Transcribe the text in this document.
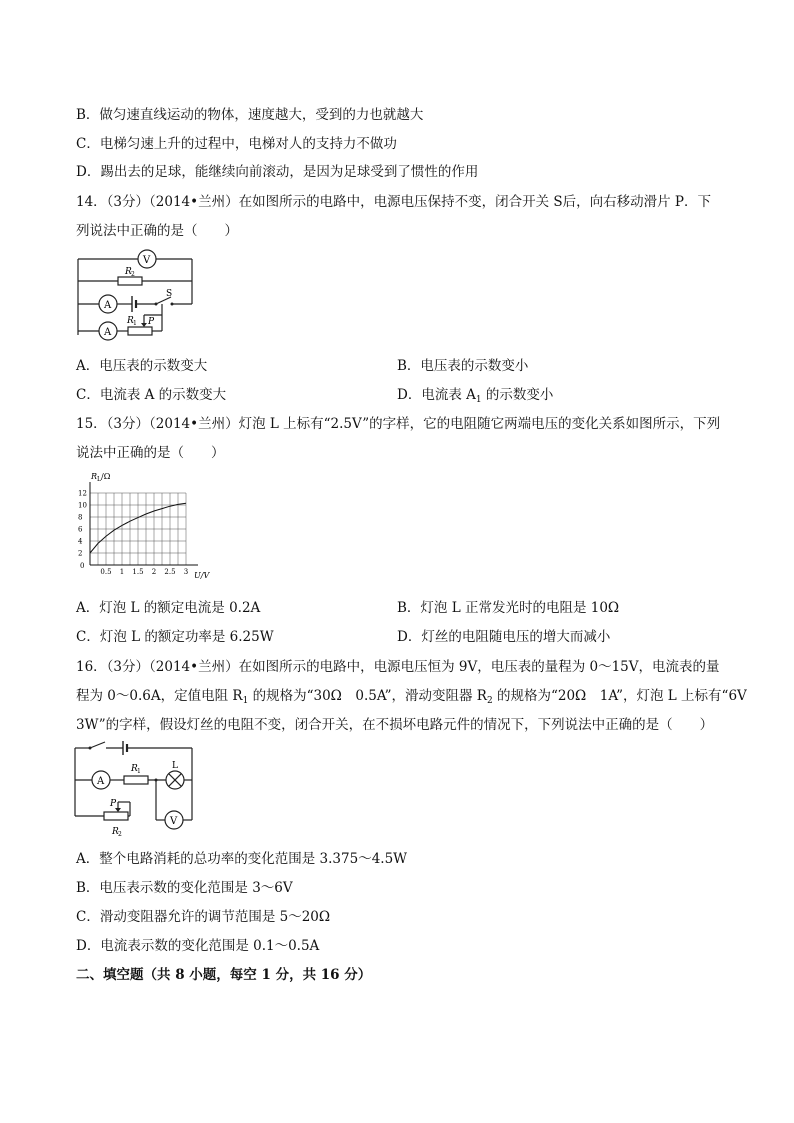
B．做匀速直线运动的物体，速度越大，受到的力也就越大
C．电梯匀速上升的过程中，电梯对人的支持力不做功
D．踢出去的足球，能继续向前滚动，是因为足球受到了惯性的作用
14．（3分）（2014•兰州）在如图所示的电路中，电源电压保持不变，闭合开关 S后，向右移动滑片 P．下
列说法中正确的是（　　）
V
A
A
R 2
R 1 P
S
A．电压表的示数变大	B．电压表的示数变小
C．电流表 A 的示数变大	D．电流表 $A_1$ 的示数变小
15．（3分）（2014•兰州）灯泡 L 上标有“2.5V”的字样，它的电阻随它两端电压的变化关系如图所示，下列
说法中正确的是（　　）
R L /Ω
U/V
2
4
6
8
10
12
0
0.5 1 1.5 2 2.5 3
A．灯泡 L 的额定电流是 0.2A	B．灯泡 L 正常发光时的电阻是 10Ω
C．灯泡 L 的额定功率是 6.25W	D．灯丝的电阻随电压的增大而减小
16．（3分）（2014•兰州）在如图所示的电路中，电源电压恒为 9V，电压表的量程为 0～15V，电流表的量
程为 0～0.6A，定值电阻 $R_1$ 的规格为“30Ω　0.5A”，滑动变阻器 $R_2$ 的规格为“20Ω　1A”，灯泡 L 上标有“6V
3W”的字样，假设灯丝的电阻不变，闭合开关，在不损坏电路元件的情况下，下列说法中正确的是（　　）
A
R 1
L
P
R 2
V
A．整个电路消耗的总功率的变化范围是 3.375～4.5W
B．电压表示数的变化范围是 3～6V
C．滑动变阻器允许的调节范围是 5～20Ω
D．电流表示数的变化范围是 0.1～0.5A
二、填空题（共 8 小题，每空 1 分，共 16 分）
